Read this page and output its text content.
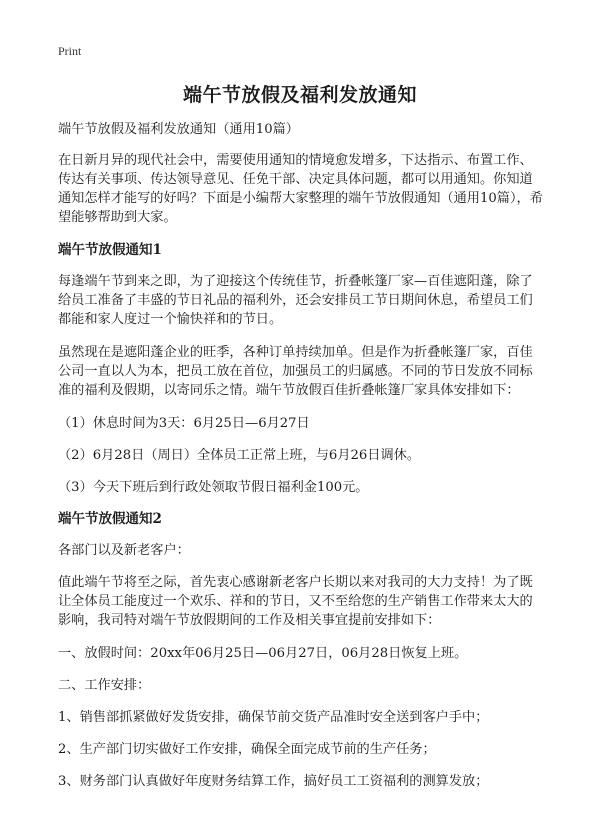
Print
端午节放假及福利发放通知
端午节放假及福利发放通知（通用10篇）
在日新月异的现代社会中，需要使用通知的情境愈发增多，下达指示、布置工作、传达有关事项、传达领导意见、任免干部、决定具体问题，都可以用通知。你知道通知怎样才能写的好吗？下面是小编帮大家整理的端午节放假通知（通用10篇），希望能够帮助到大家。
端午节放假通知1
每逢端午节到来之即，为了迎接这个传统佳节，折叠帐篷厂家—百佳遮阳蓬，除了给员工准备了丰盛的节日礼品的福利外，还会安排员工节日期间休息，希望员工们都能和家人度过一个愉快祥和的节日。
虽然现在是遮阳蓬企业的旺季，各种订单持续加单。但是作为折叠帐篷厂家，百佳公司一直以人为本，把员工放在首位，加强员工的归属感。不同的节日发放不同标准的福利及假期，以寄同乐之情。端午节放假百佳折叠帐篷厂家具体安排如下：
（1）休息时间为3天：6月25日—6月27日
（2）6月28日（周日）全体员工正常上班，与6月26日调休。
（3）今天下班后到行政处领取节假日福利金100元。
端午节放假通知2
各部门以及新老客户：
值此端午节将至之际，首先衷心感谢新老客户长期以来对我司的大力支持！为了既让全体员工能度过一个欢乐、祥和的节日，又不至给您的生产销售工作带来太大的影响，我司特对端午节放假期间的工作及相关事宜提前安排如下：
一、放假时间：20xx年06月25日—06月27日，06月28日恢复上班。
二、工作安排：
1、销售部抓紧做好发货安排，确保节前交货产品准时安全送到客户手中；
2、生产部门切实做好工作安排，确保全面完成节前的生产任务；
3、财务部门认真做好年度财务结算工作，搞好员工工资福利的测算发放；
